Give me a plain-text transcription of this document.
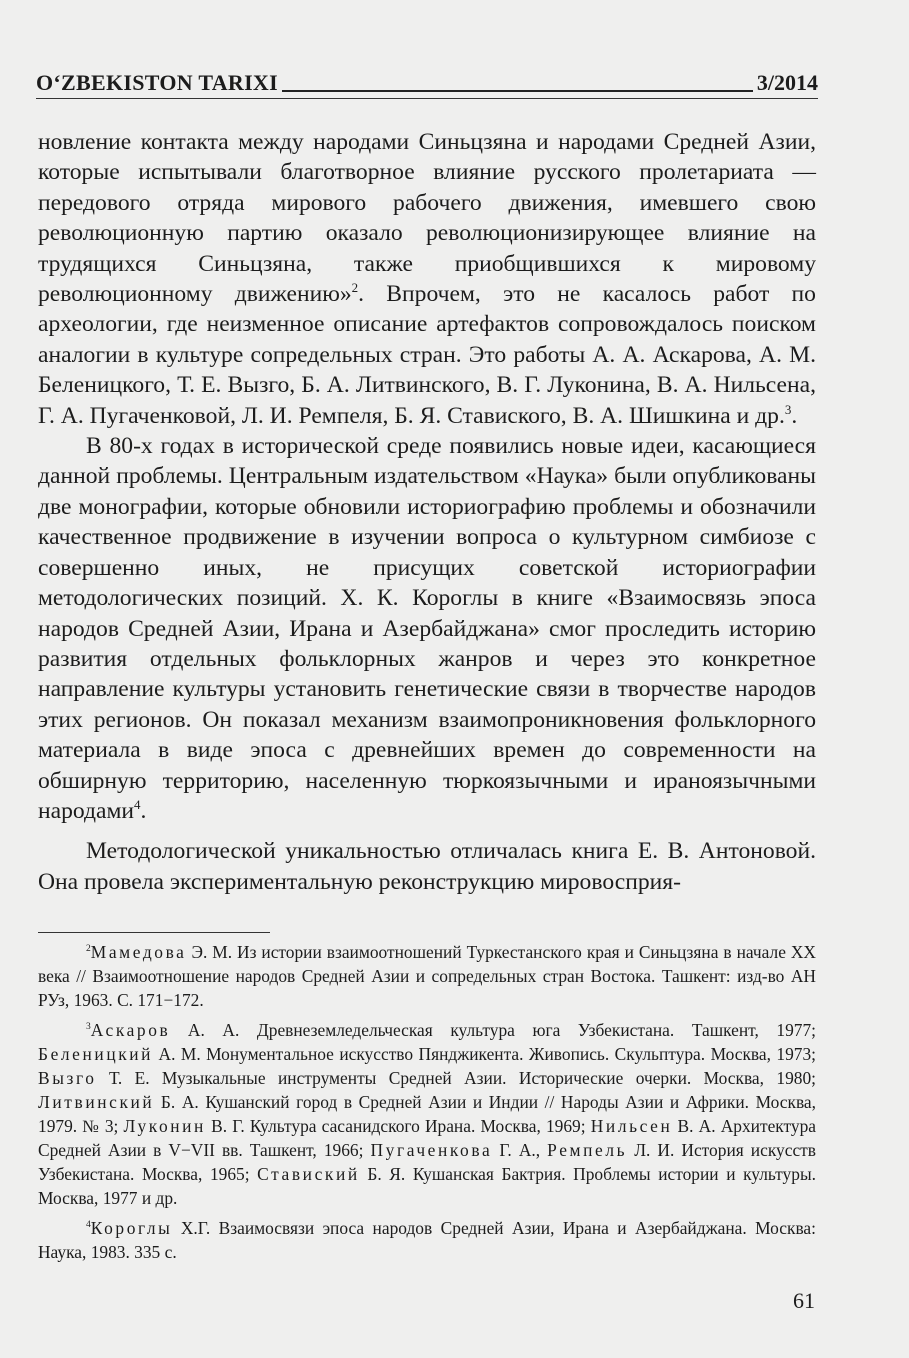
O‘ZBEKISTON TARIXI	3/2014

новление контакта между народами Синьцзяна и народами Средней Азии, которые испытывали благотворное влияние русского пролетариата — передового отряда мирового рабочего движения, имевшего свою революционную партию оказало революционизирующее влияние на трудящихся Синьцзяна, также приобщившихся к мировому революционному движению»$^2$. Впрочем, это не касалось работ по археологии, где неизменное описание артефактов сопровождалось поиском аналогии в культуре сопредельных стран. Это работы А. А. Аскарова, А. М. Беленицкого, Т. Е. Вызго, Б. А. Литвинского, В. Г. Луконина, В. А. Нильсена, Г. А. Пугаченковой, Л. И. Ремпеля, Б. Я. Ставиского, В. А. Шишкина и др.$^3$.

В 80-х годах в исторической среде появились новые идеи, касающиеся данной проблемы. Центральным издательством «Наука» были опубликованы две монографии, которые обновили историографию проблемы и обозначили качественное продвижение в изучении вопроса о культурном симбиозе с совершенно иных, не присущих советской историографии методологических позиций. Х. К. Короглы в книге «Взаимосвязь эпоса народов Средней Азии, Ирана и Азербайджана» смог проследить историю развития отдельных фольклорных жанров и через это конкретное направление культуры установить генетические связи в творчестве народов этих регионов. Он показал механизм взаимопроникновения фольклорного материала в виде эпоса с древнейших времен до современности на обширную территорию, населенную тюркоязычными и ираноязычными народами$^4$.

Методологической уникальностью отличалась книга Е. В. Антоновой. Она провела экспериментальную реконструкцию мировосприя-

$^2$Мамедова Э. М. Из истории взаимоотношений Туркестанского края и Синьцзяна в начале ХХ века // Взаимоотношение народов Средней Азии и сопредельных стран Востока. Ташкент: изд-во АН РУз, 1963. С. 171−172.

$^3$Аскаров А. А. Древнеземледельческая культура юга Узбекистана. Ташкент, 1977; Беленицкий А. М. Монументальное искусство Пянджикента. Живопись. Скульптура. Москва, 1973; Вызго Т. Е. Музыкальные инструменты Средней Азии. Исторические очерки. Москва, 1980; Литвинский Б. А. Кушанский город в Средней Азии и Индии // Народы Азии и Африки. Москва, 1979. № 3; Луконин В. Г. Культура сасанидского Ирана. Москва, 1969; Нильсен В. А. Архитектура Средней Азии в V−VII вв. Ташкент, 1966; Пугаченкова Г. А., Ремпель Л. И. История искусств Узбекистана. Москва, 1965; Ставиский Б. Я. Кушанская Бактрия. Проблемы истории и культуры. Москва, 1977 и др.

$^4$Короглы Х.Г. Взаимосвязи эпоса народов Средней Азии, Ирана и Азербайджана. Москва: Наука, 1983. 335 с.

61
